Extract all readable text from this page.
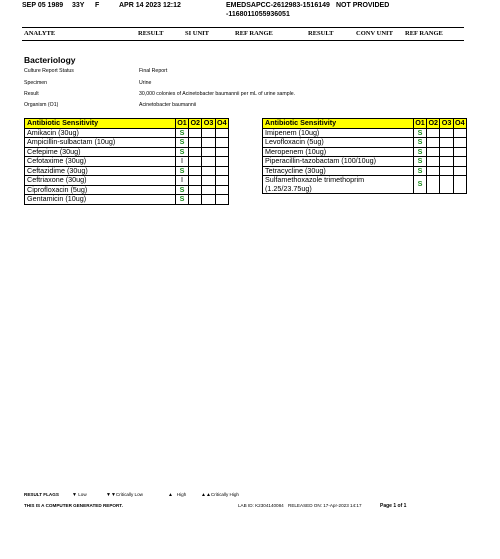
SEP 05 1989 33Y F	APR 14 2023 12:12	EMEDSAPCC-2612983-1516149
-1168011055936051
NOT PROVIDED
ANALYTE	RESULT	SI UNIT	REF RANGE	RESULT	CONV UNIT REF RANGE
Bacteriology
Culture Report Status	Final Report
Specimen	Urine
Result	30,000 colonies of Acinetobacter baumannii per mL of urine sample.
Organism (O1)	Acinetobacter baumannii
Antibiotic Sensitivity	O1	O2	O3	O4
Amikacin (30ug)	S			
Ampicillin-sulbactam (10ug)	S			
Cefepime (30ug)	S			
Cefotaxime (30ug)	I			
Ceftazidime (30ug)	S			
Ceftriaxone (30ug)	I			
Ciprofloxacin (5ug)	S			
Gentamicin (10ug)	S			
Antibiotic Sensitivity	O1	O2	O3	O4
Imipenem (10ug)	S			
Levofloxacin (5ug)	S			
Meropenem (10ug)	S			
Piperacillin-tazobactam (100/10ug)	S			
Tetracycline (30ug)	S			
Sulfamethoxazole trimethoprim (1.25/23.75ug)	S			
RESULT FLAGS	▼ Low	▼▼Critically Low	▲ High	▲▲Critically High
THIS IS A COMPUTER GENERATED REPORT.	LAB ID: K2304140084 RELEASED ON: 17-Apr-2023 14:17	Page 1 of 1
